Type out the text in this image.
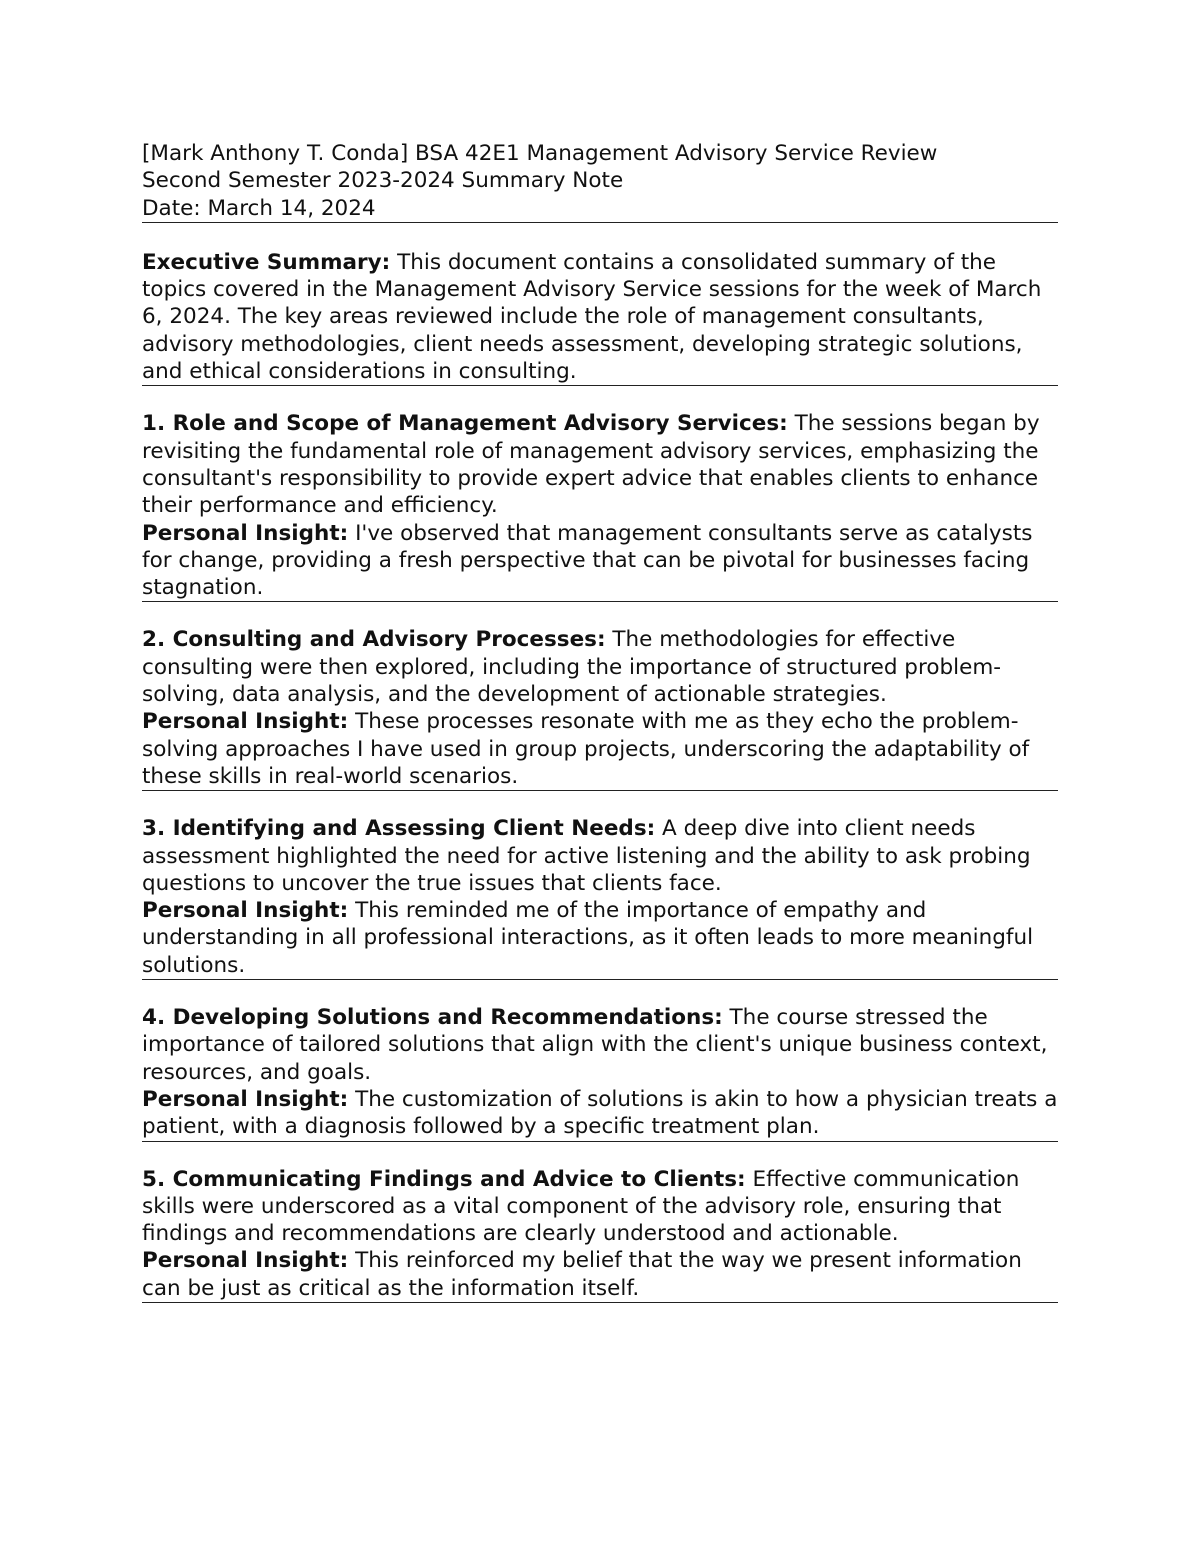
[Mark Anthony T. Conda] BSA 42E1 Management Advisory Service Review
Second Semester 2023-2024 Summary Note
Date: March 14, 2024
Executive Summary: This document contains a consolidated summary of the topics covered in the Management Advisory Service sessions for the week of March 6, 2024. The key areas reviewed include the role of management consultants, advisory methodologies, client needs assessment, developing strategic solutions, and ethical considerations in consulting.
1. Role and Scope of Management Advisory Services: The sessions began by revisiting the fundamental role of management advisory services, emphasizing the consultant's responsibility to provide expert advice that enables clients to enhance their performance and efficiency.
Personal Insight: I've observed that management consultants serve as catalysts for change, providing a fresh perspective that can be pivotal for businesses facing stagnation.
2. Consulting and Advisory Processes: The methodologies for effective consulting were then explored, including the importance of structured problem-solving, data analysis, and the development of actionable strategies.
Personal Insight: These processes resonate with me as they echo the problem-solving approaches I have used in group projects, underscoring the adaptability of these skills in real-world scenarios.
3. Identifying and Assessing Client Needs: A deep dive into client needs assessment highlighted the need for active listening and the ability to ask probing questions to uncover the true issues that clients face.
Personal Insight: This reminded me of the importance of empathy and understanding in all professional interactions, as it often leads to more meaningful solutions.
4. Developing Solutions and Recommendations: The course stressed the importance of tailored solutions that align with the client's unique business context, resources, and goals.
Personal Insight: The customization of solutions is akin to how a physician treats a patient, with a diagnosis followed by a specific treatment plan.
5. Communicating Findings and Advice to Clients: Effective communication skills were underscored as a vital component of the advisory role, ensuring that findings and recommendations are clearly understood and actionable.
Personal Insight: This reinforced my belief that the way we present information can be just as critical as the information itself.
